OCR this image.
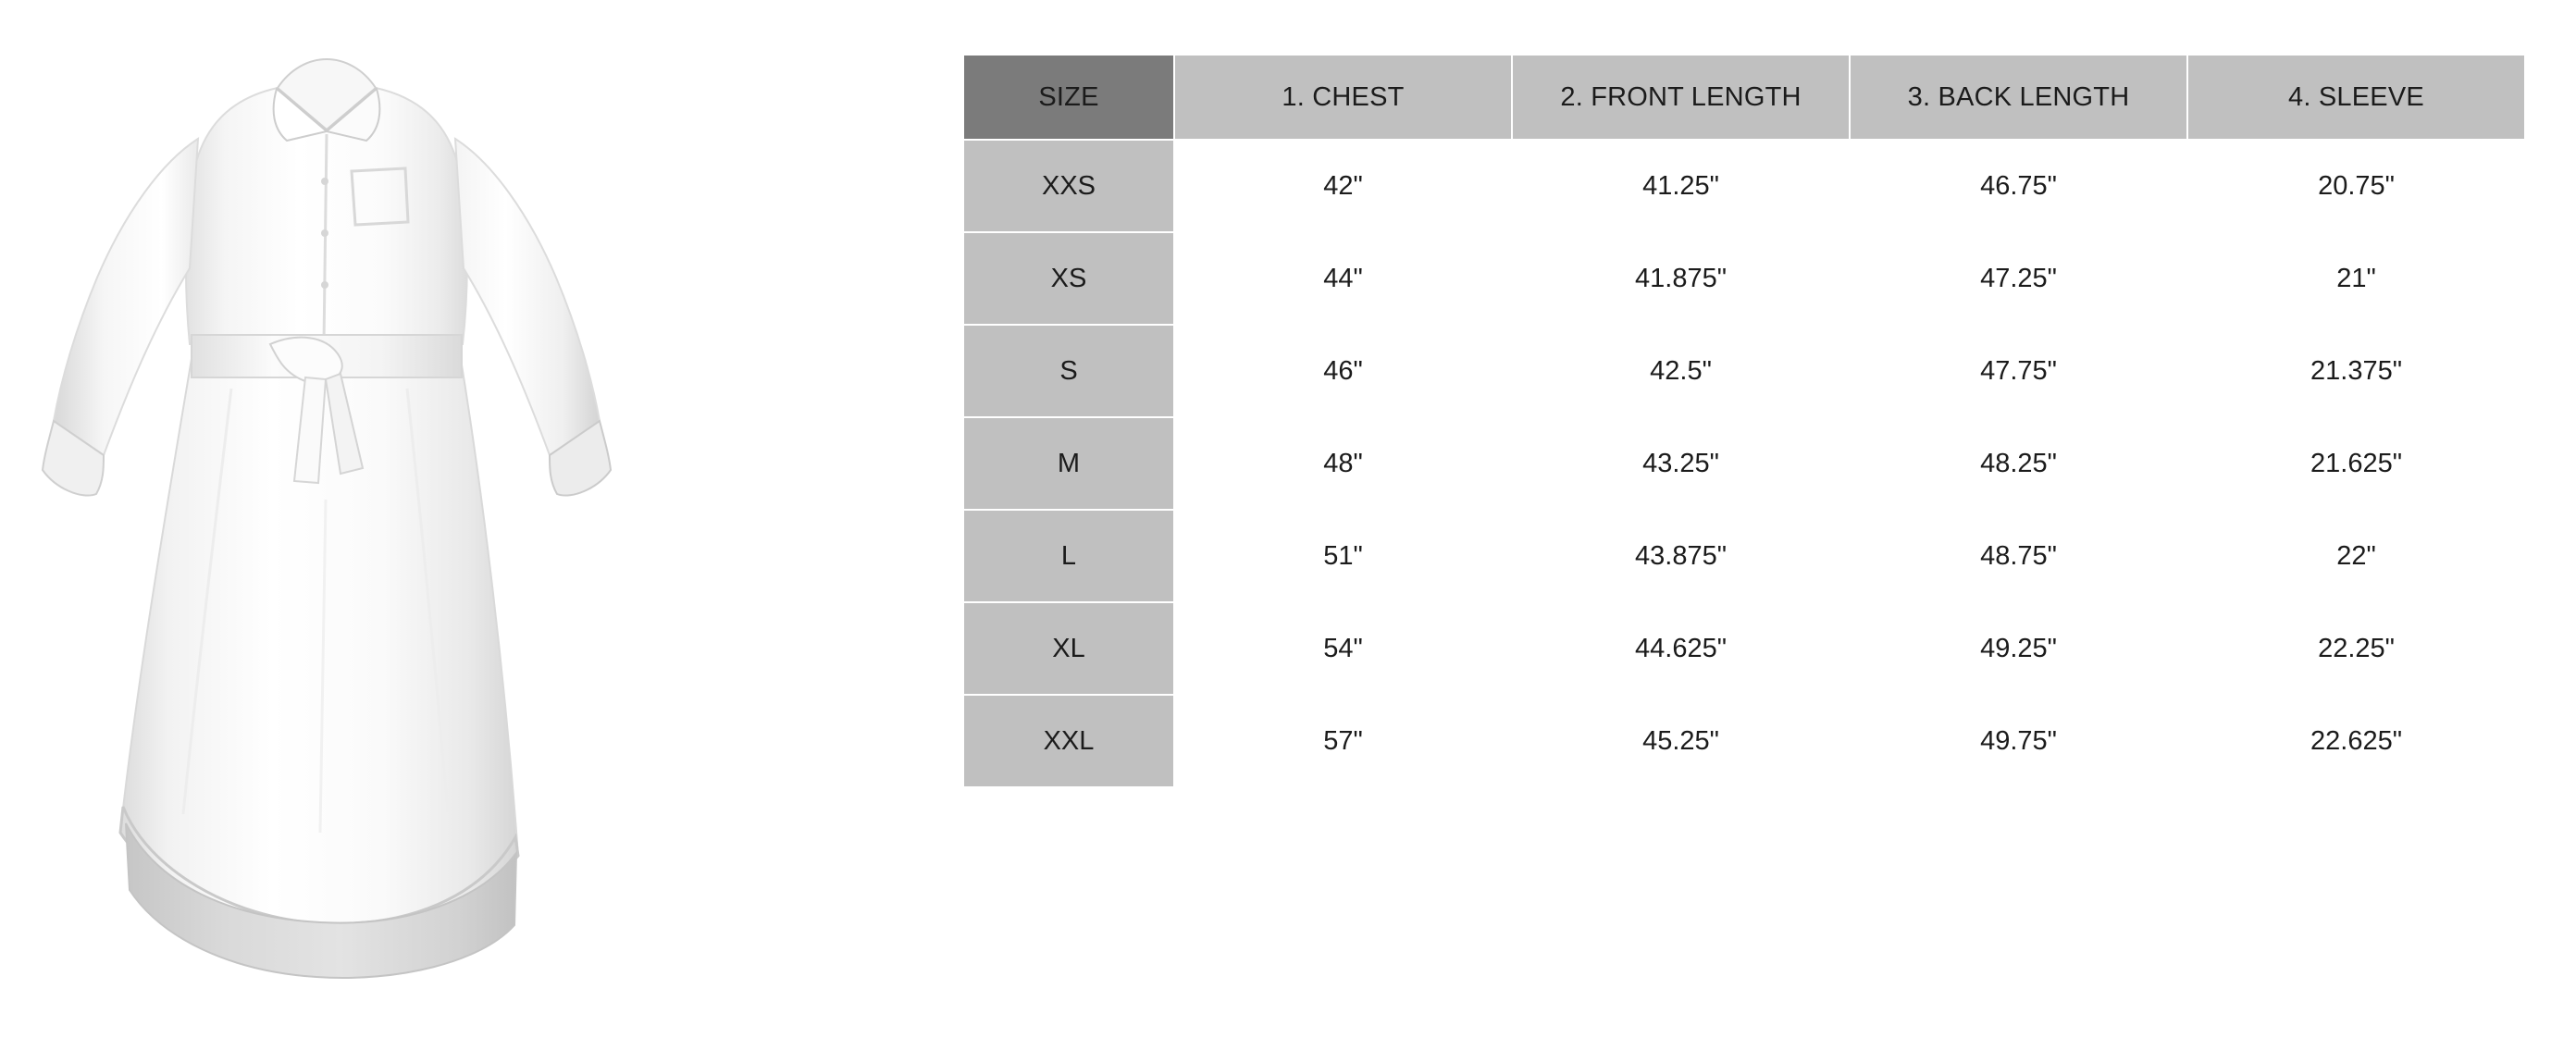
SIZE	1. CHEST	2. FRONT LENGTH	3. BACK LENGTH	4. SLEEVE
XXS	42"	41.25"	46.75"	20.75"
XS	44"	41.875"	47.25"	21"
S	46"	42.5"	47.75"	21.375"
M	48"	43.25"	48.25"	21.625"
L	51"	43.875"	48.75"	22"
XL	54"	44.625"	49.25"	22.25"
XXL	57"	45.25"	49.75"	22.625"
